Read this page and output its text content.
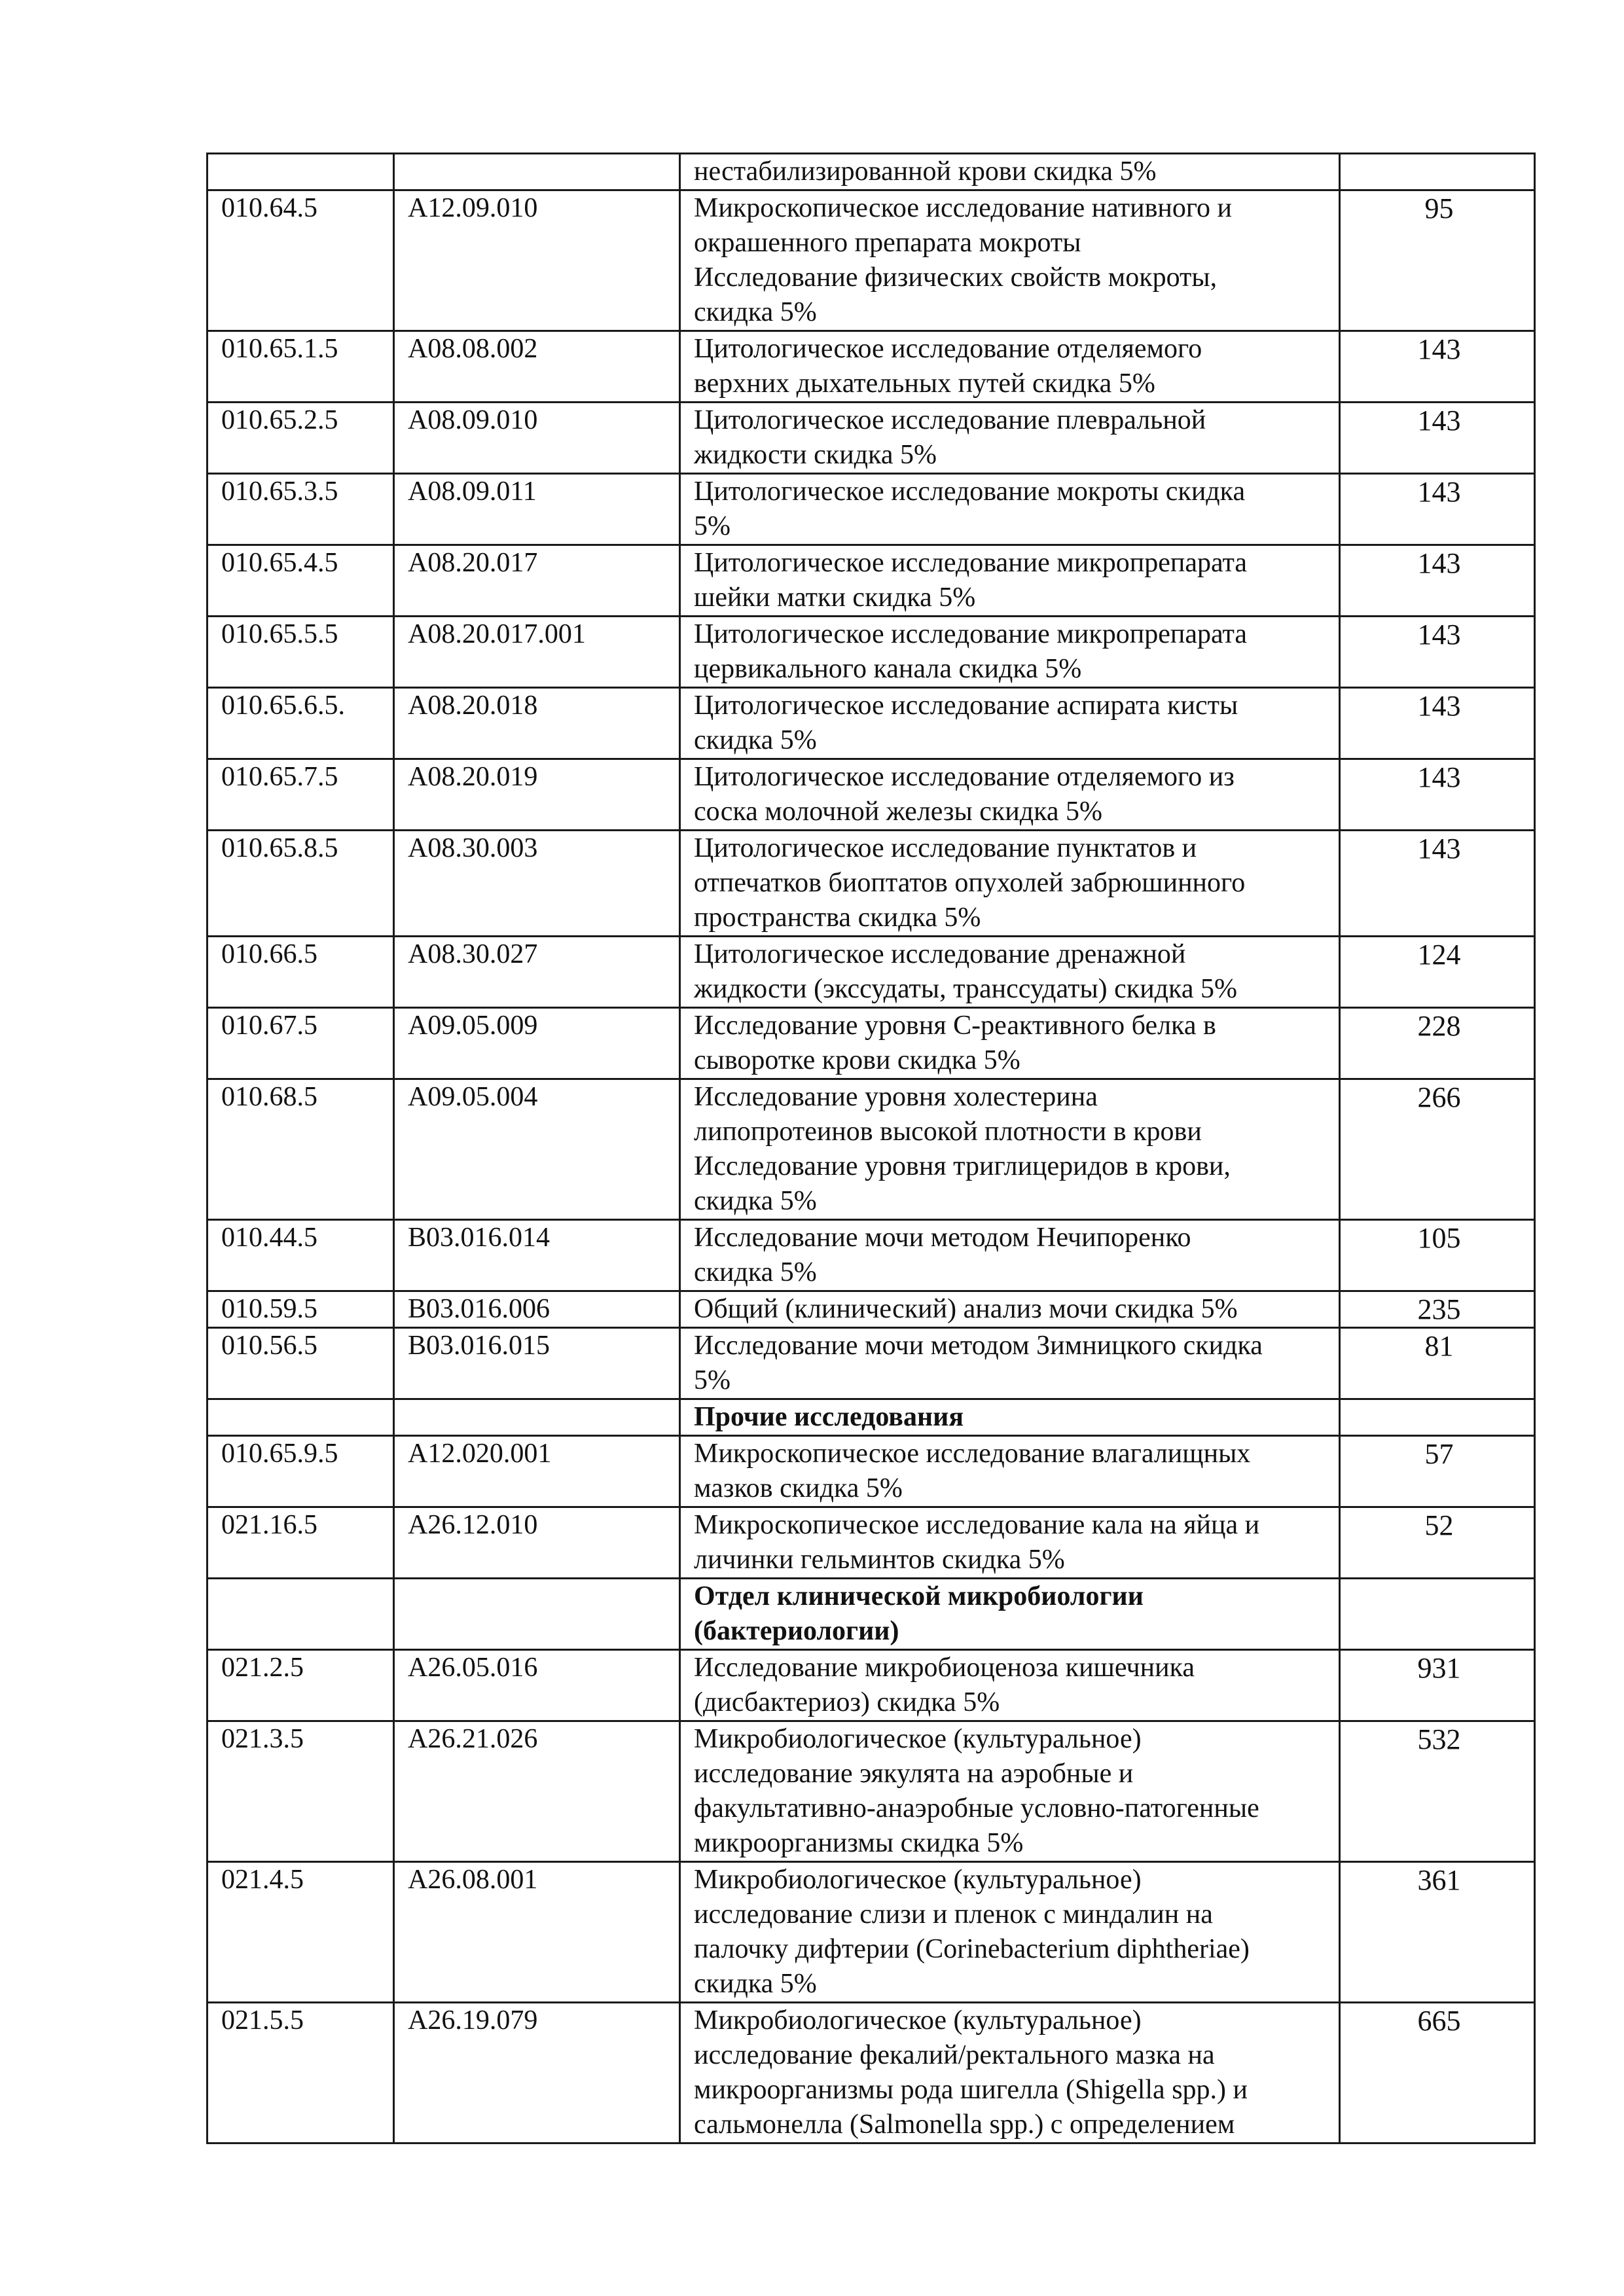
		нестабилизированной крови скидка 5%	

010.64.5	А12.09.010	Микроскопическое исследование нативного и
окрашенного препарата мокроты
Исследование физических свойств мокроты,
скидка 5%	95
010.65.1.5	А08.08.002	Цитологическое исследование отделяемого
верхних дыхательных путей скидка 5%	143
010.65.2.5	А08.09.010	Цитологическое исследование плевральной
жидкости скидка 5%	143
010.65.3.5	А08.09.011	Цитологическое исследование мокроты скидка
5%	143
010.65.4.5	А08.20.017	Цитологическое исследование микропрепарата
шейки матки скидка 5%	143
010.65.5.5	А08.20.017.001	Цитологическое исследование микропрепарата
цервикального канала скидка 5%	143
010.65.6.5.	А08.20.018	Цитологическое исследование аспирата кисты
скидка 5%	143
010.65.7.5	А08.20.019	Цитологическое исследование отделяемого из
соска молочной железы скидка 5%	143
010.65.8.5	А08.30.003	Цитологическое исследование пунктатов и
отпечатков биоптатов опухолей забрюшинного
пространства скидка 5%	143
010.66.5	А08.30.027	Цитологическое исследование дренажной
жидкости (экссудаты, транссудаты) скидка 5%	124
010.67.5	А09.05.009	Исследование уровня С-реактивного белка в
сыворотке крови скидка 5%	228
010.68.5	А09.05.004	Исследование уровня холестерина
липопротеинов высокой плотности в крови
Исследование уровня триглицеридов в крови,
скидка 5%	266
010.44.5	В03.016.014	Исследование мочи методом Нечипоренко
скидка 5%	105
010.59.5	В03.016.006	Общий (клинический) анализ мочи скидка 5%	235
010.56.5	В03.016.015	Исследование мочи методом Зимницкого скидка
5%	81

		Прочие исследования	

010.65.9.5	А12.020.001	Микроскопическое исследование влагалищных
мазков скидка 5%	57
021.16.5	А26.12.010	Микроскопическое исследование кала на яйца и
личинки гельминтов скидка 5%	52

		Отдел клинической микробиологии
(бактериологии)	

021.2.5	А26.05.016	Исследование микробиоценоза кишечника
(дисбактериоз) скидка 5%	931
021.3.5	А26.21.026	Микробиологическое (культуральное)
исследование эякулята на аэробные и
факультативно-анаэробные условно-патогенные
микроорганизмы скидка 5%	532
021.4.5	А26.08.001	Микробиологическое (культуральное)
исследование слизи и пленок с миндалин на
палочку дифтерии (Corinebacterium diphtheriae)
скидка 5%	361
021.5.5	А26.19.079	Микробиологическое (культуральное)
исследование фекалий/ректального мазка на
микроорганизмы рода шигелла (Shigella spp.) и
сальмонелла (Salmonella spp.) с определением	665
